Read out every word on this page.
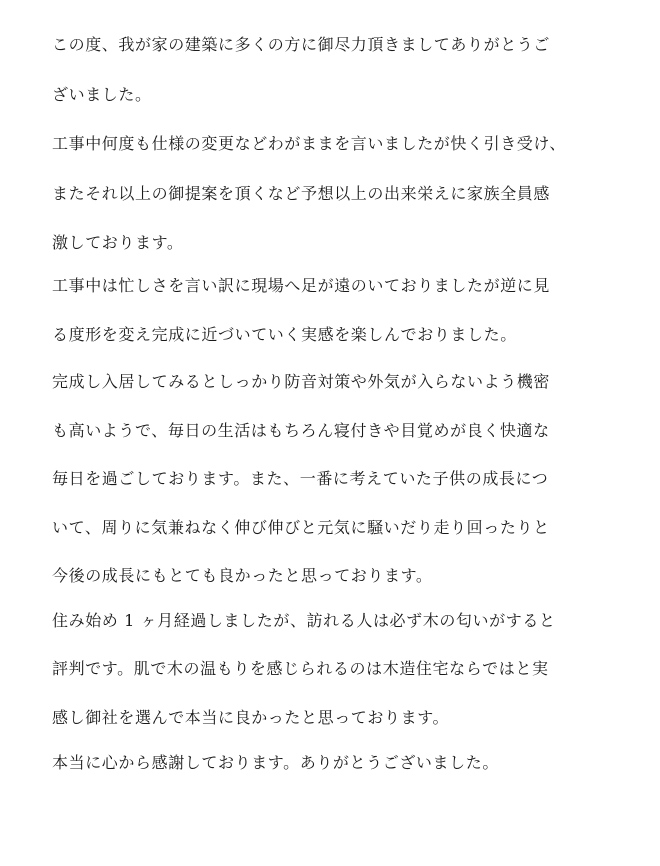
この度、我が家の建築に多くの方に御尽力頂きましてありがとうご
ざいました。
工事中何度も仕様の変更などわがままを言いましたが快く引き受け、
またそれ以上の御提案を頂くなど予想以上の出来栄えに家族全員感
激しております。
工事中は忙しさを言い訳に現場へ足が遠のいておりましたが逆に見
る度形を変え完成に近づいていく実感を楽しんでおりました。
完成し入居してみるとしっかり防音対策や外気が入らないよう機密
も高いようで、毎日の生活はもちろん寝付きや目覚めが良く快適な
毎日を過ごしております。また、一番に考えていた子供の成長につ
いて、周りに気兼ねなく伸び伸びと元気に騒いだり走り回ったりと
今後の成長にもとても良かったと思っております。
住み始め 1 ヶ月経過しましたが、訪れる人は必ず木の匂いがすると
評判です。肌で木の温もりを感じられるのは木造住宅ならではと実
感し御社を選んで本当に良かったと思っております。
本当に心から感謝しております。ありがとうございました。
